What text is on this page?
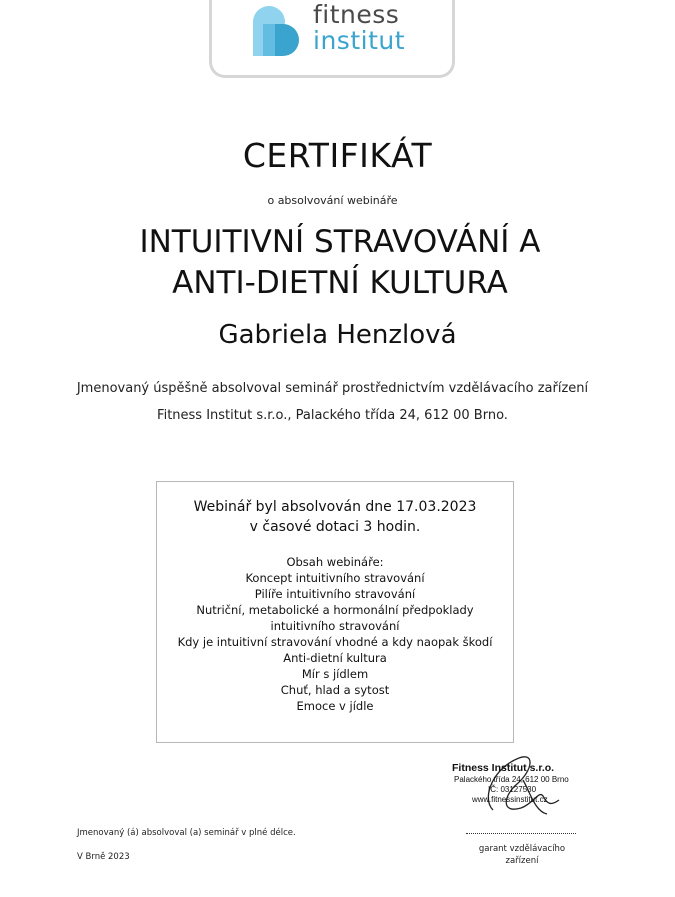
fitness
institut
CERTIFIKÁT
o absolvování webináře
INTUITIVNÍ STRAVOVÁNÍ A
ANTI-DIETNÍ KULTURA
Gabriela Henzlová
Jmenovaný úspěšně absolvoval seminář prostřednictvím vzdělávacího zařízení
Fitness Institut s.r.o., Palackého třída 24, 612 00 Brno.
Webinář byl absolvován dne 17.03.2023
v časové dotaci 3 hodin.
Obsah webináře:
Koncept intuitivního stravování
Pilíře intuitivního stravování
Nutriční, metabolické a hormonální předpoklady
intuitivního stravování
Kdy je intuitivní stravování vhodné a kdy naopak škodí
Anti-dietní kultura
Mír s jídlem
Chuť, hlad a sytost
Emoce v jídle
Fitness Institut s.r.o.
Palackého třída 24, 612 00 Brno
IČ: 03127530
www.fitnessinstitut.cz
garant vzdělávacího
zařízení
Jmenovaný (á) absolvoval (a) seminář v plné délce.
V Brně 2023
